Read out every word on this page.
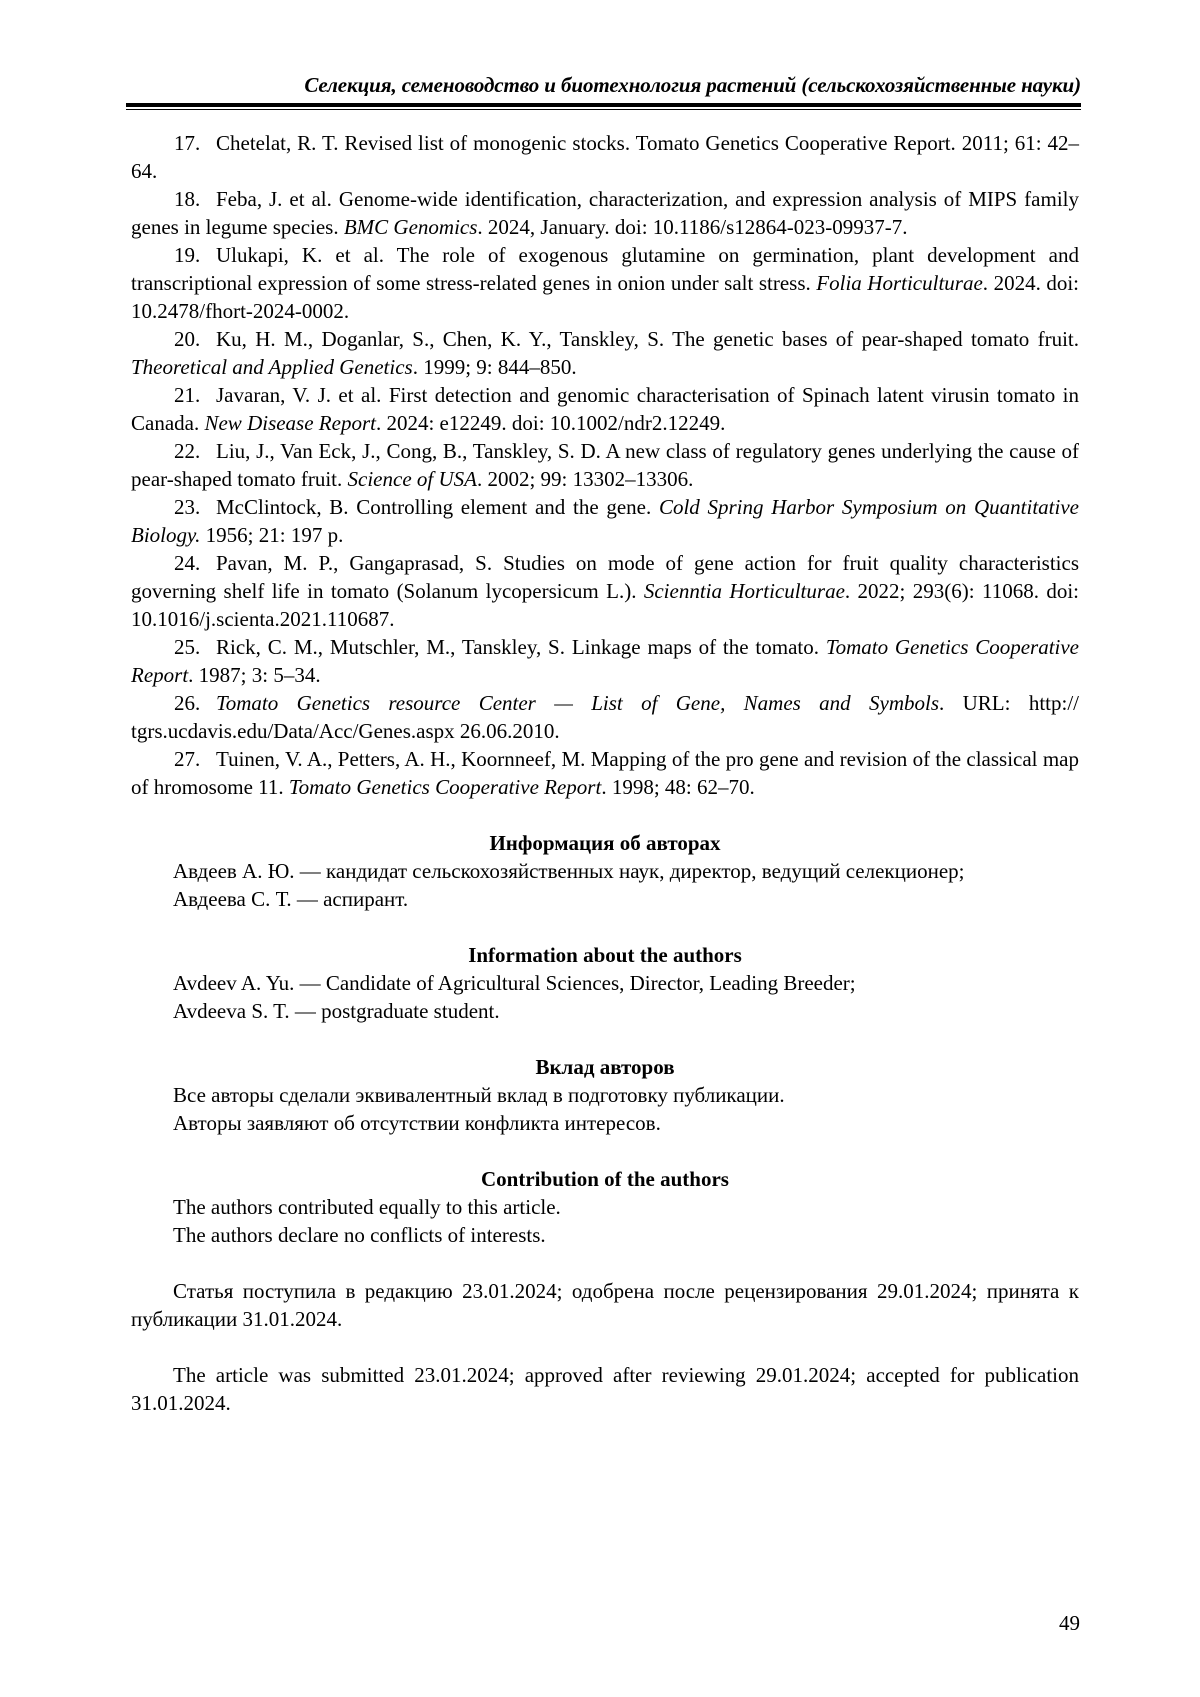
Селекция, семеноводство и биотехнология растений (сельскохозяйственные науки)

17. Chetelat, R. T. Revised list of monogenic stocks. Tomato Genetics Cooperative Report. 2011; 61: 42–64.

18. Feba, J. et al. Genome-wide identification, characterization, and expression analysis of MIPS family genes in legume species. BMC Genomics. 2024, January. doi: 10.1186/s12864-023-09937-7.

19. Ulukapi, K. et al. The role of exogenous glutamine on germination, plant development and transcriptional expression of some stress-related genes in onion under salt stress. Folia Horticulturae. 2024. doi: 10.2478/fhort-2024-0002.

20. Ku, H. M., Doganlar, S., Chen, K. Y., Tanskley, S. The genetic bases of pear-shaped tomato fruit. Theoretical and Applied Genetics. 1999; 9: 844–850.

21. Javaran, V. J. et al. First detection and genomic characterisation of Spinach latent virusin tomato in Canada. New Disease Report. 2024: e12249. doi: 10.1002/ndr2.12249.

22. Liu, J., Van Eck, J., Cong, B., Tanskley, S. D. A new class of regulatory genes underlying the cause of pear-shaped tomato fruit. Science of USA. 2002; 99: 13302–13306.

23. McClintock, B. Controlling element and the gene. Cold Spring Harbor Symposium on Quantitative Biology. 1956; 21: 197 p.

24. Pavan, M. P., Gangaprasad, S. Studies on mode of gene action for fruit quality characteristics governing shelf life in tomato (Solanum lycopersicum L.). Scienntia Horticulturae. 2022; 293(6): 11068. doi: 10.1016/j.scienta.2021.110687.

25. Rick, C. M., Mutschler, M., Tanskley, S. Linkage maps of the tomato. Tomato Genetics Cooperative Report. 1987; 3: 5–34.

26. Tomato Genetics resource Center — List of Gene, Names and Symbols. URL: http:// tgrs.ucdavis.edu/Data/Acc/Genes.aspx 26.06.2010.

27. Tuinen, V. A., Petters, A. H., Koornneef, M. Mapping of the pro gene and revision of the classical map of hromosome 11. Tomato Genetics Cooperative Report. 1998; 48: 62–70.

Информация об авторах

Авдеев А. Ю. — кандидат сельскохозяйственных наук, директор, ведущий селекционер;

Авдеева С. Т. — аспирант.

Information about the authors

Avdeev A. Yu. — Candidate of Agricultural Sciences, Director, Leading Breeder;

Avdeeva S. T. — postgraduate student.

Вклад авторов

Все авторы сделали эквивалентный вклад в подготовку публикации.

Авторы заявляют об отсутствии конфликта интересов.

Contribution of the authors

The authors contributed equally to this article.

The authors declare no conflicts of interests.

Статья поступила в редакцию 23.01.2024; одобрена после рецензирования 29.01.2024; принята к публикации 31.01.2024.

The article was submitted 23.01.2024; approved after reviewing 29.01.2024; accepted for publication 31.01.2024.

49
